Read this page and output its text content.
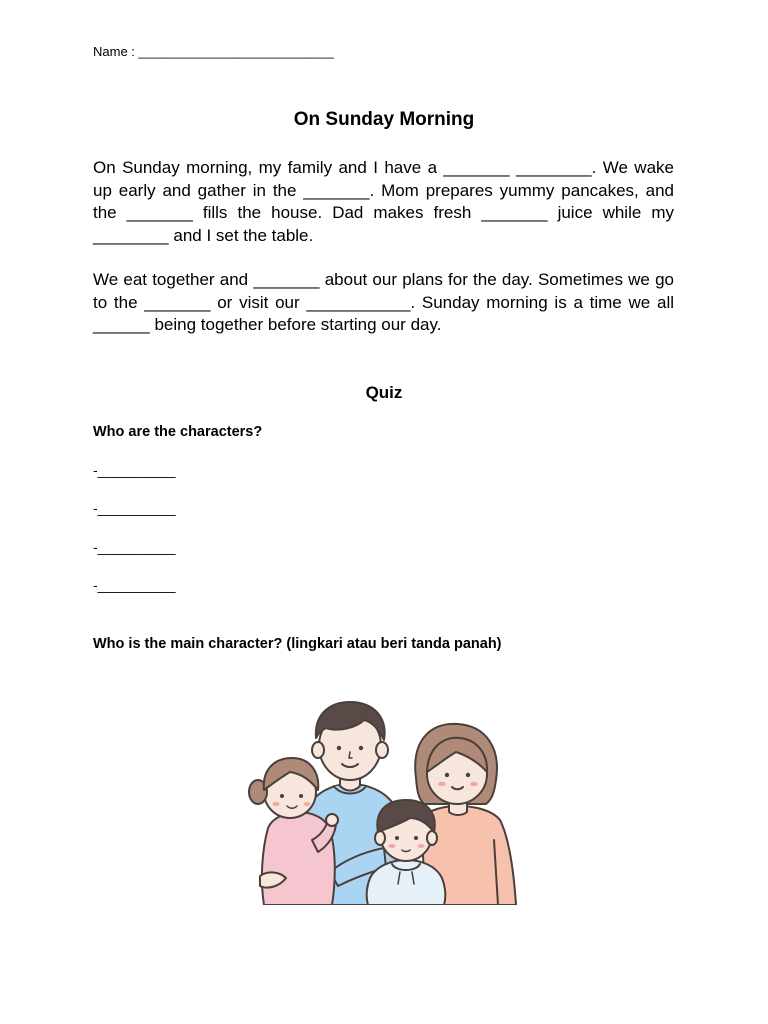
Name : ___________________________
On Sunday Morning

On Sunday morning, my family and I have a _______ ________. We wake up early and gather in the _______. Mom prepares yummy pancakes, and the _______ fills the house. Dad makes fresh _______ juice while my ________ and I set the table.

We eat together and _______ about our plans for the day. Sometimes we go to the _______ or visit our ___________. Sunday morning is a time we all ______ being together before starting our day.

Quiz
Who are the characters?
-__________
-__________
-__________
-__________
Who is the main character? (lingkari atau beri tanda panah)
